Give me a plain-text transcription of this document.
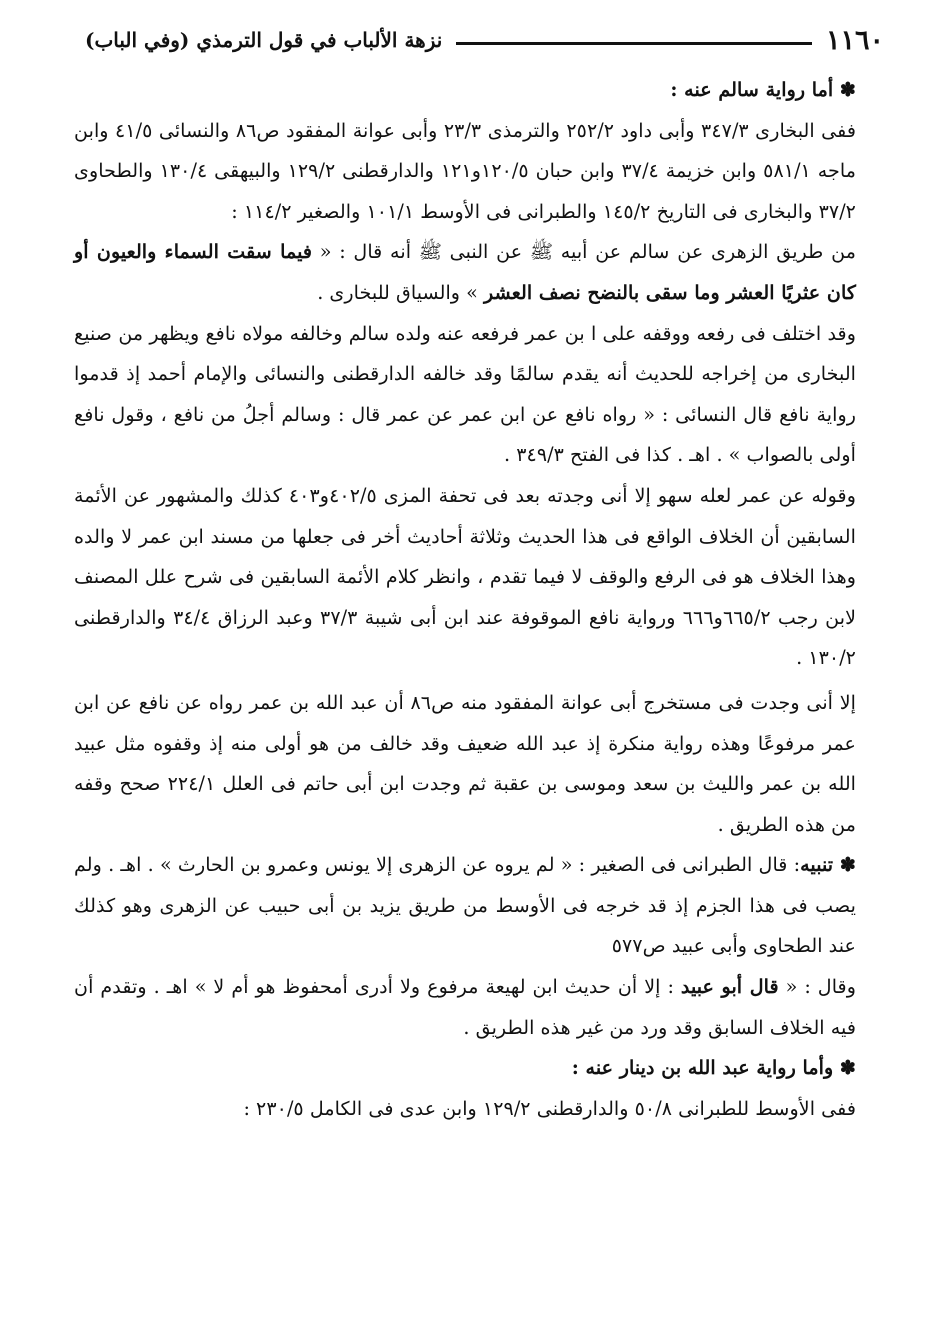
١١٦٠
نزهة الألباب في قول الترمذي (وفي الباب)

✽ أما رواية سالم عنه :

ففى البخارى ٣٤٧/٣ وأبى داود ٢٥٢/٢ والترمذى ٢٣/٣ وأبى عوانة المفقود ص٨٦ والنسائى ٤١/٥ وابن ماجه ٥٨١/١ وابن خزيمة ٣٧/٤ وابن حبان ١٢٠/٥و١٢١ والدارقطنى ١٢٩/٢ والبيهقى ١٣٠/٤ والطحاوى ٣٧/٢ والبخارى فى التاريخ ١٤٥/٢ والطبرانى فى الأوسط ١٠١/١ والصغير ١١٤/٢ :

من طريق الزهرى عن سالم عن أبيه ﷺ عن النبى ﷺ أنه قال : « فيما سقت السماء والعيون أو كان عثريًا العشر وما سقى بالنضح نصف العشر » والسياق للبخارى .

وقد اختلف فى رفعه ووقفه على ا بن عمر فرفعه عنه ولده سالم وخالفه مولاه نافع ويظهر من صنيع البخارى من إخراجه للحديث أنه يقدم سالمًا وقد خالفه الدارقطنى والنسائى والإمام أحمد إذ قدموا رواية نافع قال النسائى : « رواه نافع عن ابن عمر عن عمر قال : وسالم أجلُ من نافع ، وقول نافع أولى بالصواب » . اهـ . كذا فى الفتح ٣٤٩/٣ .

وقوله عن عمر لعله سهو إلا أنى وجدته بعد فى تحفة المزى ٤٠٢/٥و٤٠٣ كذلك والمشهور عن الأئمة السابقين أن الخلاف الواقع فى هذا الحديث وثلاثة أحاديث أخر فى جعلها من مسند ابن عمر لا والده وهذا الخلاف هو فى الرفع والوقف لا فيما تقدم ، وانظر كلام الأئمة السابقين فى شرح علل المصنف لابن رجب ٦٦٥/٢و٦٦٦ ورواية نافع الموقوفة عند ابن أبى شيبة ٣٧/٣ وعبد الرزاق ٣٤/٤ والدارقطنى ١٣٠/٢ .

إلا أنى وجدت فى مستخرج أبى عوانة المفقود منه ص٨٦ أن عبد الله بن عمر رواه عن نافع عن ابن عمر مرفوعًا وهذه رواية منكرة إذ عبد الله ضعيف وقد خالف من هو أولى منه إذ وقفوه مثل عبيد الله بن عمر والليث بن سعد وموسى بن عقبة ثم وجدت ابن أبى حاتم فى العلل ٢٢٤/١ صحح وقفه من هذه الطريق .

✽ تنبيه: قال الطبرانى فى الصغير : « لم يروه عن الزهرى إلا يونس وعمرو بن الحارث » . اهـ . ولم يصب فى هذا الجزم إذ قد خرجه فى الأوسط من طريق يزيد بن أبى حبيب عن الزهرى وهو كذلك عند الطحاوى وأبى عبيد ص٥٧٧

وقال : « قال أبو عبيد : إلا أن حديث ابن لهيعة مرفوع ولا أدرى أمحفوظ هو أم لا » اهـ . وتقدم أن فيه الخلاف السابق وقد ورد من غير هذه الطريق .

✽ وأما رواية عبد الله بن دينار عنه :

ففى الأوسط للطبرانى ٥٠/٨ والدارقطنى ١٢٩/٢ وابن عدى فى الكامل ٢٣٠/٥ :
